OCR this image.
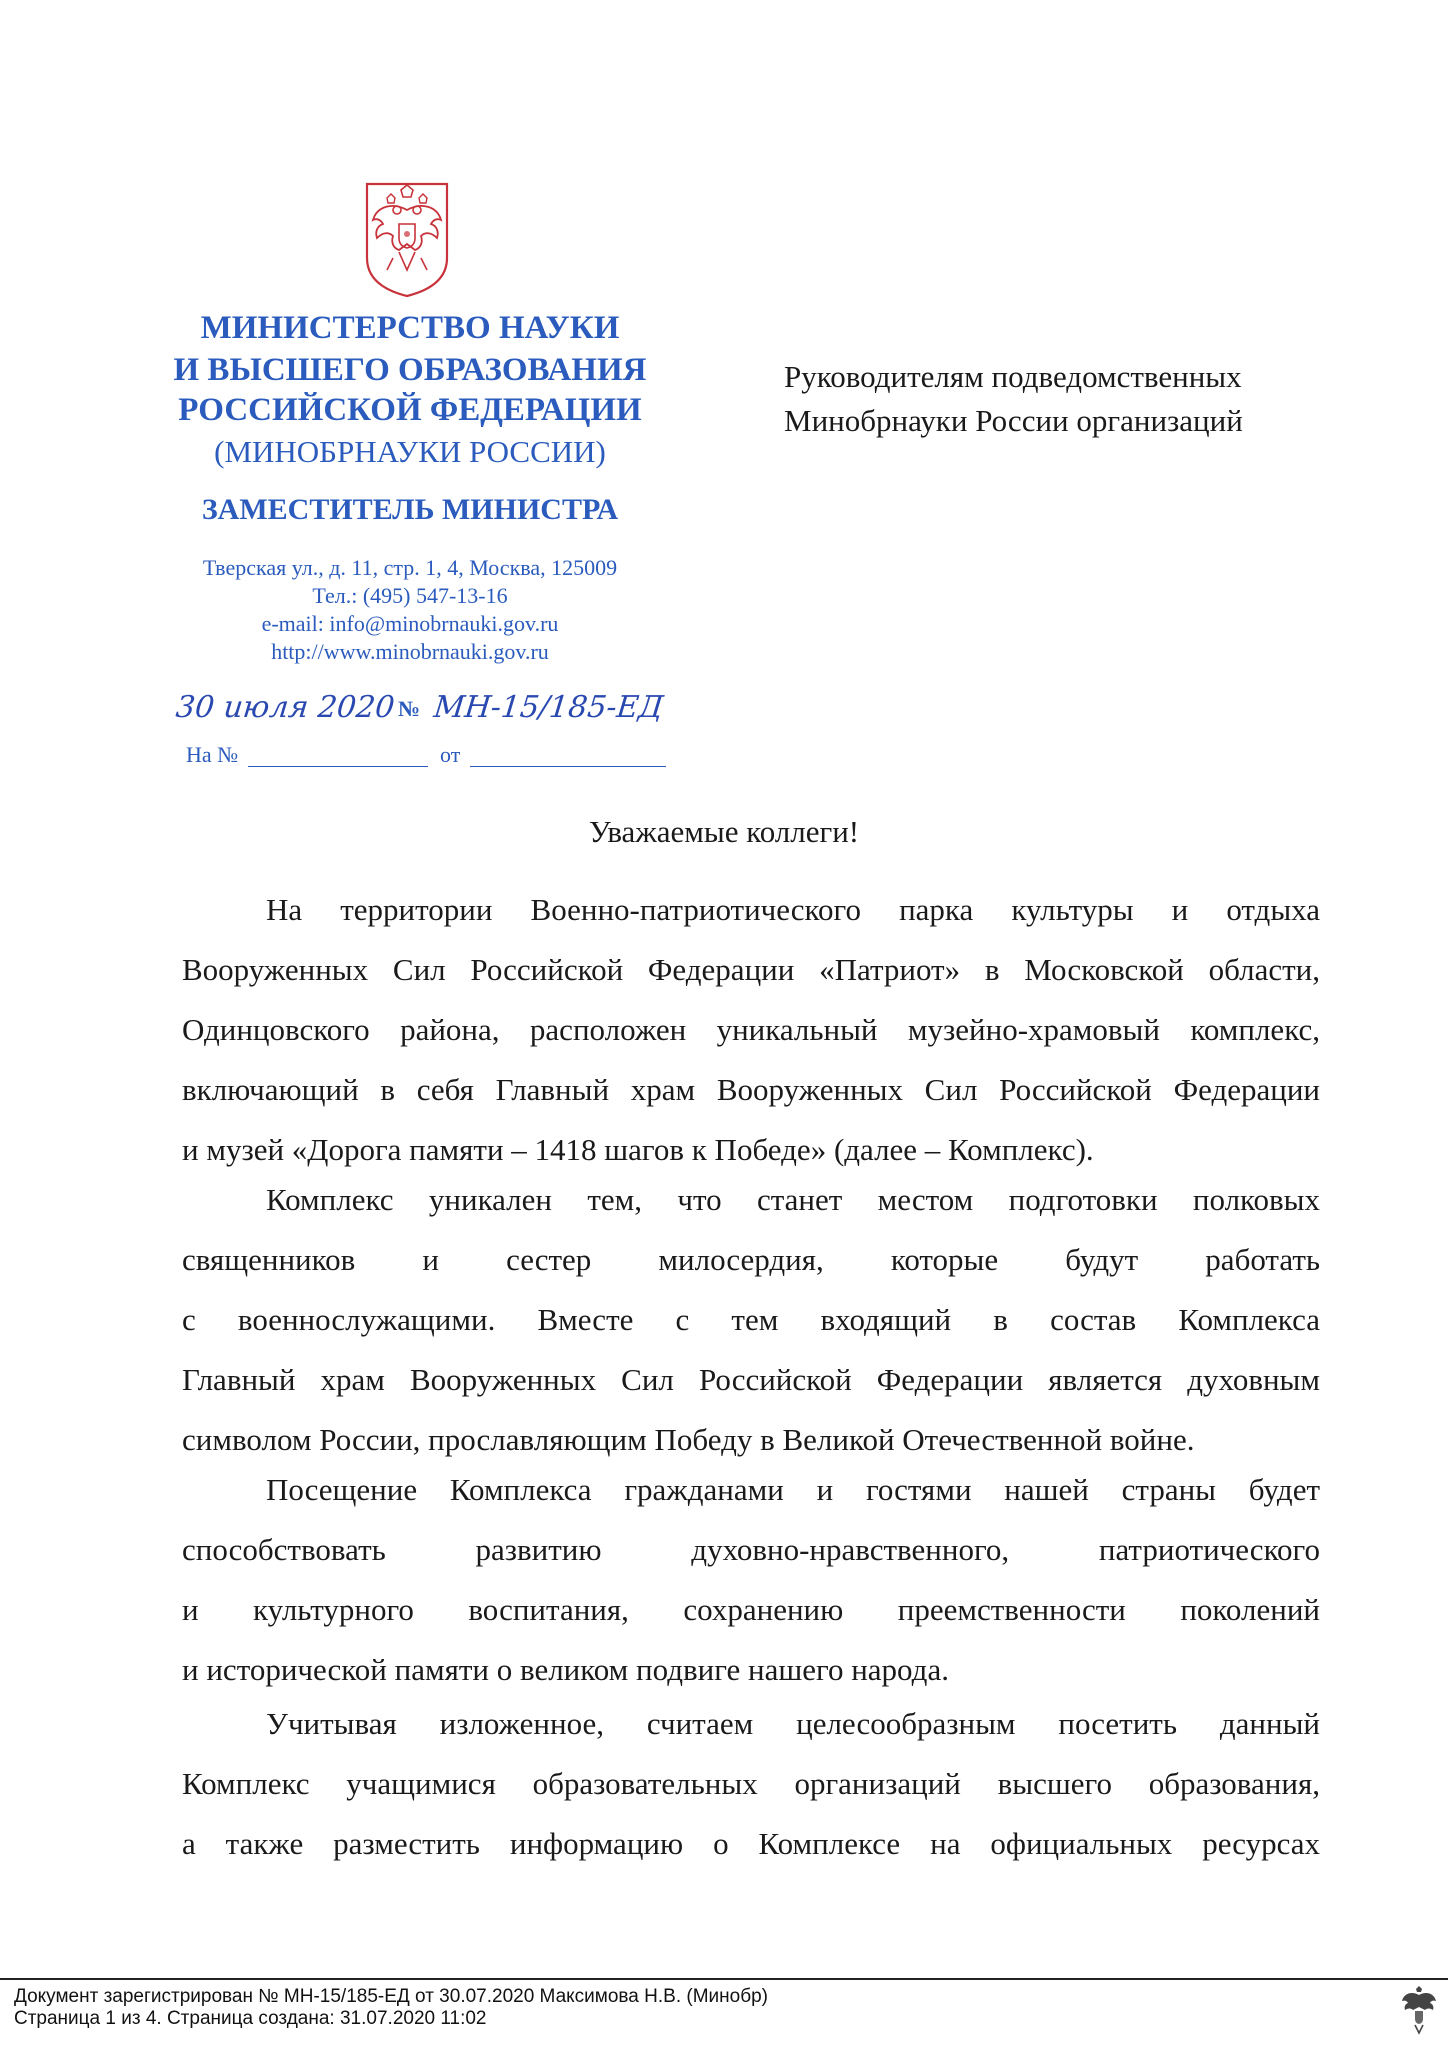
МИНИСТЕРСТВО НАУКИ
И ВЫСШЕГО ОБРАЗОВАНИЯ
РОССИЙСКОЙ ФЕДЕРАЦИИ
(МИНОБРНАУКИ РОССИИ)
ЗАМЕСТИТЕЛЬ МИНИСТРА
Тверская ул., д. 11, стр. 1, 4, Москва, 125009
Тел.: (495) 547-13-16
e-mail: info@minobrnauki.gov.ru
http://www.minobrnauki.gov.ru
30 июля 2020 № МН-15/185-ЕД
На №	от
Руководителям подведомственных
Минобрнауки России организаций
Уважаемые коллеги!
На территории Военно-патриотического парка культуры и отдыха
Вооруженных Сил Российской Федерации «Патриот» в Московской области,
Одинцовского района, расположен уникальный музейно-храмовый комплекс,
включающий в себя Главный храм Вооруженных Сил Российской Федерации
и музей «Дорога памяти – 1418 шагов к Победе» (далее – Комплекс).
Комплекс уникален тем, что станет местом подготовки полковых
священников и сестер милосердия, которые будут работать
с военнослужащими. Вместе с тем входящий в состав Комплекса
Главный храм Вооруженных Сил Российской Федерации является духовным
символом России, прославляющим Победу в Великой Отечественной войне.
Посещение Комплекса гражданами и гостями нашей страны будет
способствовать развитию духовно-нравственного, патриотического
и культурного воспитания, сохранению преемственности поколений
и исторической памяти о великом подвиге нашего народа.
Учитывая изложенное, считаем целесообразным посетить данный
Комплекс учащимися образовательных организаций высшего образования,
а также разместить информацию о Комплексе на официальных ресурсах
Документ зарегистрирован № МН-15/185-ЕД от 30.07.2020 Максимова Н.В. (Минобр)
Страница 1 из 4. Страница создана: 31.07.2020 11:02
